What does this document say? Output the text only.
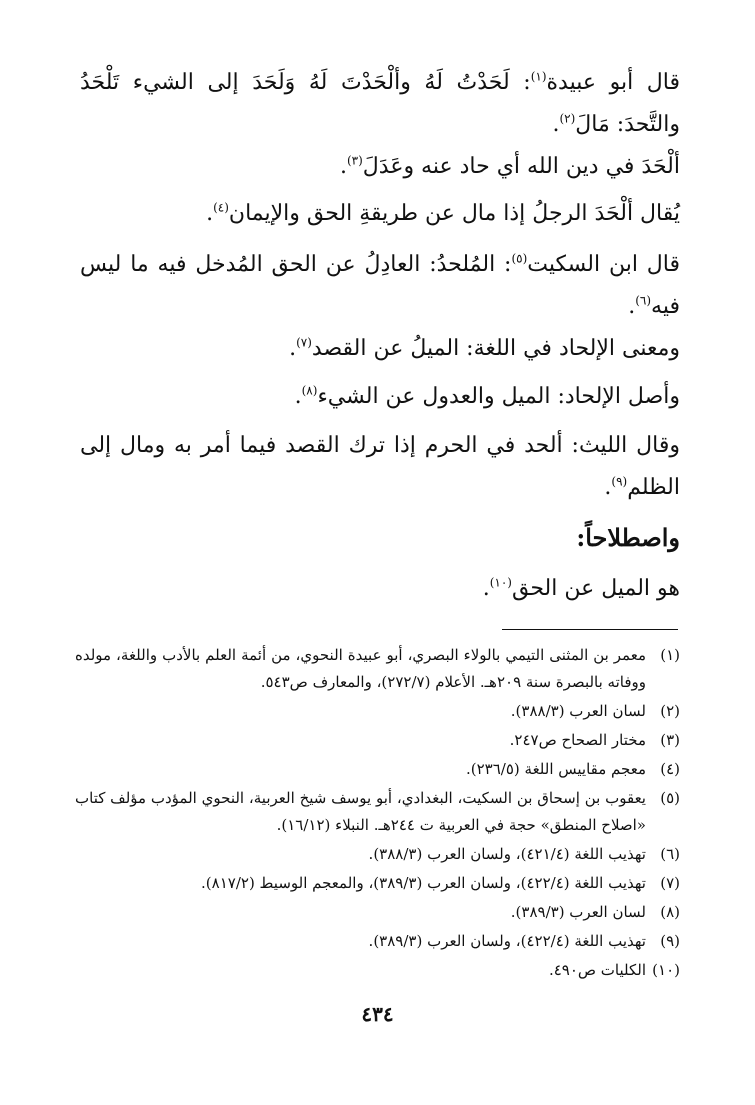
قال أبو عبيدة$^{(١)}$: لَحَدْتُ لَهُ وألْحَدْتَ لَهُ وَلَحَدَ إلى الشيء تَلْحَدُ والتَّحدَ: مَالَ$^{(٢)}$.

ألْحَدَ في دين الله أي حاد عنه وعَدَلَ$^{(٣)}$.

يُقال ألْحَدَ الرجلُ إذا مال عن طريقةِ الحق والإيمان$^{(٤)}$.

قال ابن السكيت$^{(٥)}$: المُلحدُ: العادِلُ عن الحق المُدخل فيه ما ليس فيه$^{(٦)}$.

ومعنى الإلحاد في اللغة: الميلُ عن القصد$^{(٧)}$.

وأصل الإلحاد: الميل والعدول عن الشيء$^{(٨)}$.

وقال الليث: ألحد في الحرم إذا ترك القصد فيما أمر به ومال إلى الظلم$^{(٩)}$.

واصطلاحاً:

هو الميل عن الحق$^{(١٠)}$.

(١)
معمر بن المثنى التيمي بالولاء البصري، أبو عبيدة النحوي، من أئمة العلم بالأدب واللغة، مولده ووفاته بالبصرة سنة ٢٠٩هـ. الأعلام (٢٧٢/٧)، والمعارف ص٥٤٣.
(٢)
لسان العرب (٣٨٨/٣).
(٣)
مختار الصحاح ص٢٤٧.
(٤)
معجم مقاييس اللغة (٢٣٦/٥).
(٥)
يعقوب بن إسحاق بن السكيت، البغدادي، أبو يوسف شيخ العربية، النحوي المؤدب مؤلف كتاب «اصلاح المنطق» حجة في العربية ت ٢٤٤هـ. النبلاء (١٦/١٢).
(٦)
تهذيب اللغة (٤٢١/٤)، ولسان العرب (٣٨٨/٣).
(٧)
تهذيب اللغة (٤٢٢/٤)، ولسان العرب (٣٨٩/٣)، والمعجم الوسيط (٨١٧/٢).
(٨)
لسان العرب (٣٨٩/٣).
(٩)
تهذيب اللغة (٤٢٢/٤)، ولسان العرب (٣٨٩/٣).
(١٠)
الكليات ص٤٩٠.
٤٣٤
